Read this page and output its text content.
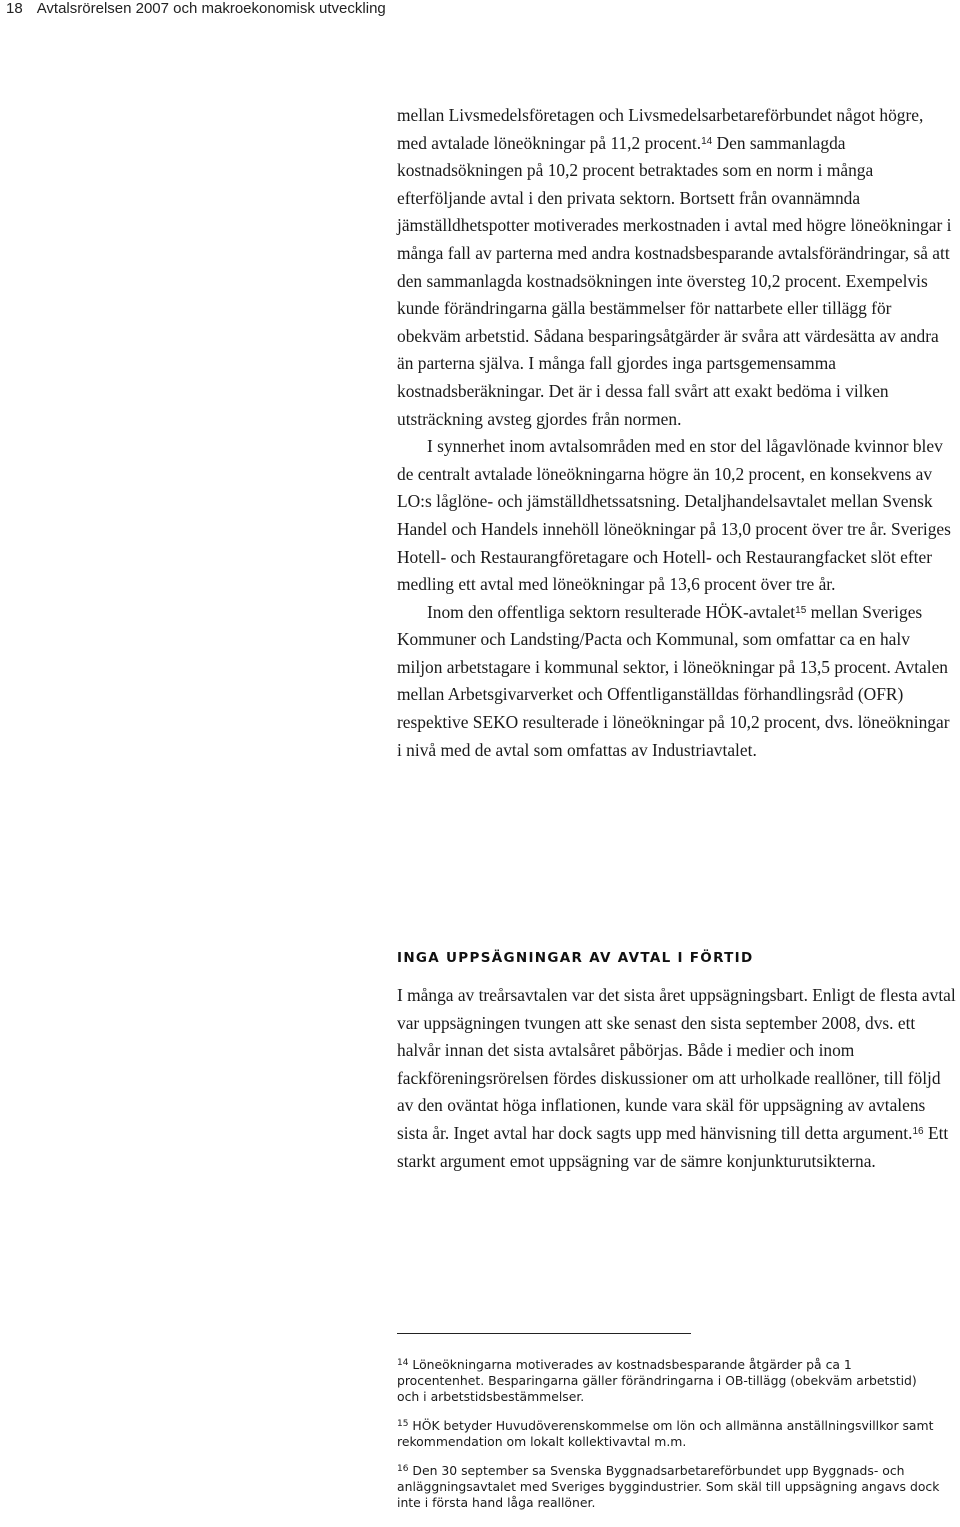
18 Avtalsrörelsen 2007 och makroekonomisk utveckling

mellan Livsmedelsföretagen och Livsmedelsarbetareförbundet något högre, med avtalade löneökningar på 11,2 procent.$^{14}$ Den sammanlagda kostnadsökningen på 10,2 procent betraktades som en norm i många efterföljande avtal i den privata sektorn. Bortsett från ovannämnda jämställdhetspotter motiverades merkostnaden i avtal med högre löneökningar i många fall av parterna med andra kostnadsbesparande avtalsförändringar, så att den sammanlagda kostnadsökningen inte översteg 10,2 procent. Exempelvis kunde förändringarna gälla bestämmelser för nattarbete eller tillägg för obekväm arbetstid. Sådana besparingsåtgärder är svåra att värdesätta av andra än parterna själva. I många fall gjordes inga partsgemensamma kostnadsberäkningar. Det är i dessa fall svårt att exakt bedöma i vilken utsträckning avsteg gjordes från normen.

I synnerhet inom avtalsområden med en stor del lågavlönade kvinnor blev de centralt avtalade löneökningarna högre än 10,2 procent, en konsekvens av LO:s låglöne- och jämställdhetssatsning. Detaljhandelsavtalet mellan Svensk Handel och Handels innehöll löneökningar på 13,0 procent över tre år. Sveriges Hotell- och Restaurangföretagare och Hotell- och Restaurangfacket slöt efter medling ett avtal med löneökningar på 13,6 procent över tre år.

Inom den offentliga sektorn resulterade HÖK-avtalet$^{15}$ mellan Sveriges Kommuner och Landsting/Pacta och Kommunal, som omfattar ca en halv miljon arbetstagare i kommunal sektor, i löneökningar på 13,5 procent. Avtalen mellan Arbetsgivarverket och Offentliganställdas förhandlingsråd (OFR) respektive SEKO resulterade i löneökningar på 10,2 procent, dvs. löneökningar i nivå med de avtal som omfattas av Industriavtalet.

INGA UPPSÄGNINGAR AV AVTAL I FÖRTID

I många av treårsavtalen var det sista året uppsägningsbart. Enligt de flesta avtal var uppsägningen tvungen att ske senast den sista september 2008, dvs. ett halvår innan det sista avtalsåret påbörjas. Både i medier och inom fackföreningsrörelsen fördes diskussioner om att urholkade reallöner, till följd av den oväntat höga inflationen, kunde vara skäl för uppsägning av avtalens sista år. Inget avtal har dock sagts upp med hänvisning till detta argument.$^{16}$ Ett starkt argument emot uppsägning var de sämre konjunkturutsikterna.

$^{14}$ Löneökningarna motiverades av kostnadsbesparande åtgärder på ca 1 procentenhet. Besparingarna gäller förändringarna i OB-tillägg (obekväm arbetstid) och i arbetstidsbestämmelser.

$^{15}$ HÖK betyder Huvudöverenskommelse om lön och allmänna anställningsvillkor samt rekommendation om lokalt kollektivavtal m.m.

$^{16}$ Den 30 september sa Svenska Byggnadsarbetareförbundet upp Byggnads- och anläggningsavtalet med Sveriges byggindustrier. Som skäl till uppsägning angavs dock inte i första hand låga reallöner.
